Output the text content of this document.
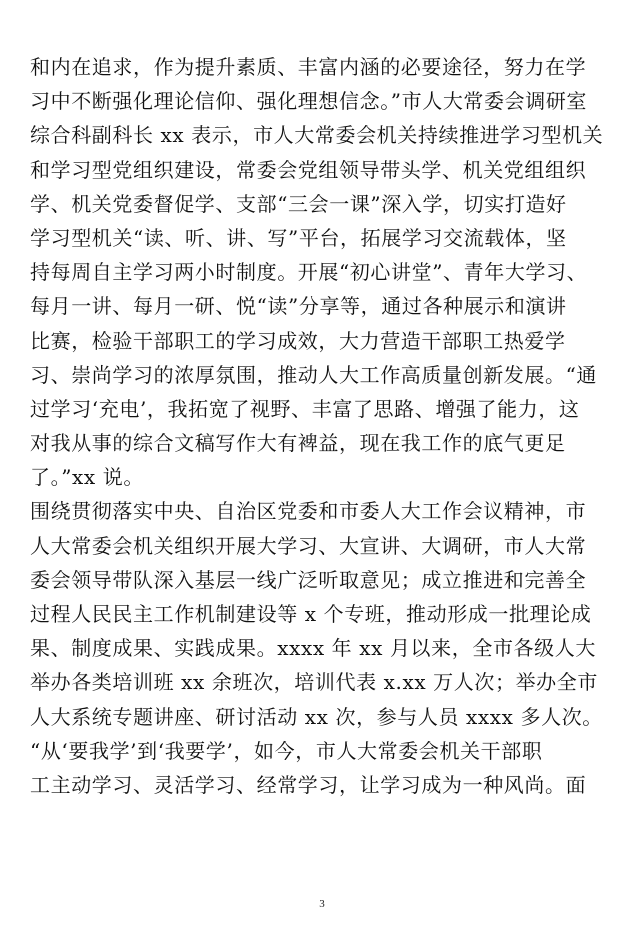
和内在追求，作为提升素质、丰富内涵的必要途径，努力在学
习中不断强化理论信仰、强化理想信念。”市人大常委会调研室
综合科副科长 xx 表示，市人大常委会机关持续推进学习型机关
和学习型党组织建设，常委会党组领导带头学、机关党组组织
学、机关党委督促学、支部“三会一课”深入学，切实打造好
学习型机关“读、听、讲、写”平台，拓展学习交流载体，坚
持每周自主学习两小时制度。开展“初心讲堂”、青年大学习、
每月一讲、每月一研、悦“读”分享等，通过各种展示和演讲
比赛，检验干部职工的学习成效，大力营造干部职工热爱学
习、崇尚学习的浓厚氛围，推动人大工作高质量创新发展。“通
过学习‘充电’，我拓宽了视野、丰富了思路、增强了能力，这
对我从事的综合文稿写作大有裨益，现在我工作的底气更足
了。”xx 说。
围绕贯彻落实中央、自治区党委和市委人大工作会议精神，市
人大常委会机关组织开展大学习、大宣讲、大调研，市人大常
委会领导带队深入基层一线广泛听取意见；成立推进和完善全
过程人民民主工作机制建设等 x 个专班，推动形成一批理论成
果、制度成果、实践成果。xxxx 年 xx 月以来，全市各级人大
举办各类培训班 xx 余班次，培训代表 x.xx 万人次；举办全市
人大系统专题讲座、研讨活动 xx 次，参与人员 xxxx 多人次。
“从‘要我学’到‘我要学’，如今，市人大常委会机关干部职
工主动学习、灵活学习、经常学习，让学习成为一种风尚。面
3
